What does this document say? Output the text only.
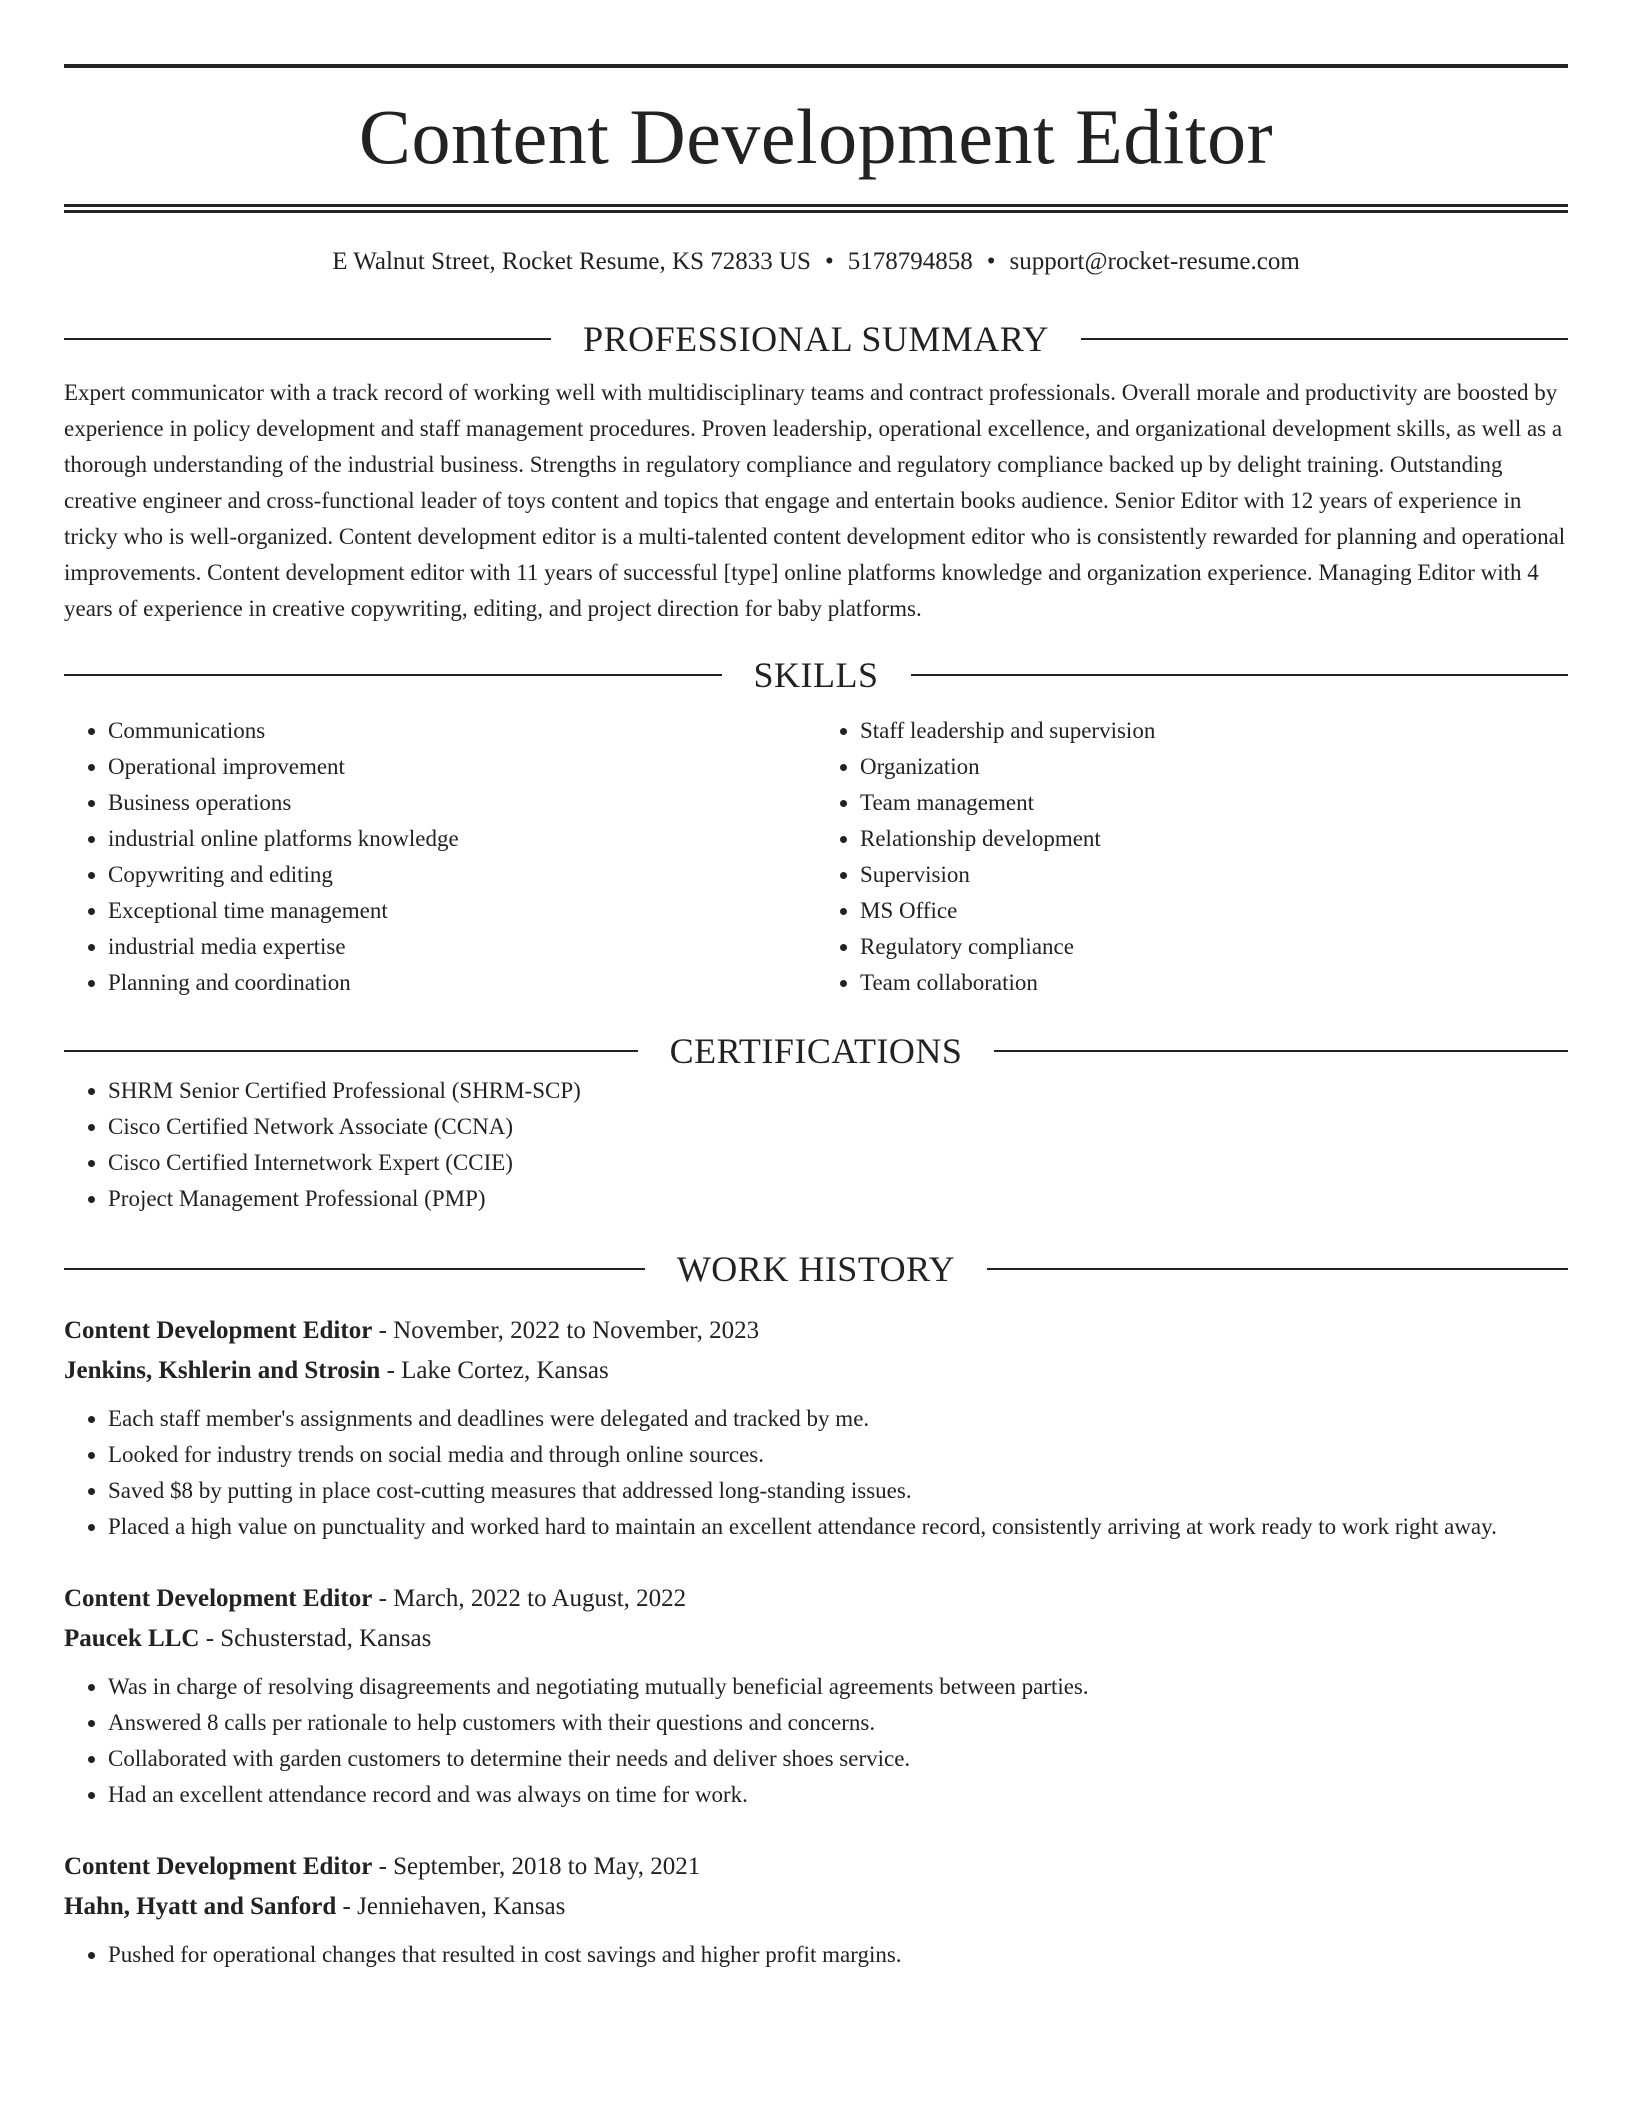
Content Development Editor
E Walnut Street, Rocket Resume, KS 72833 US • 5178794858 • support@rocket-resume.com
PROFESSIONAL SUMMARY

Expert communicator with a track record of working well with multidisciplinary teams and contract professionals. Overall morale and productivity are boosted by experience in policy development and staff management procedures. Proven leadership, operational excellence, and organizational development skills, as well as a thorough understanding of the industrial business. Strengths in regulatory compliance and regulatory compliance backed up by delight training. Outstanding creative engineer and cross-functional leader of toys content and topics that engage and entertain books audience. Senior Editor with 12 years of experience in tricky who is well-organized. Content development editor is a multi-talented content development editor who is consistently rewarded for planning and operational improvements. Content development editor with 11 years of successful [type] online platforms knowledge and organization experience. Managing Editor with 4 years of experience in creative copywriting, editing, and project direction for baby platforms.

SKILLS
• Communications
• Operational improvement
• Business operations
• industrial online platforms knowledge
• Copywriting and editing
• Exceptional time management
• industrial media expertise
• Planning and coordination
• Staff leadership and supervision
• Organization
• Team management
• Relationship development
• Supervision
• MS Office
• Regulatory compliance
• Team collaboration
CERTIFICATIONS
• SHRM Senior Certified Professional (SHRM-SCP)
• Cisco Certified Network Associate (CCNA)
• Cisco Certified Internetwork Expert (CCIE)
• Project Management Professional (PMP)
WORK HISTORY

Content Development Editor - November, 2022 to November, 2023

Jenkins, Kshlerin and Strosin - Lake Cortez, Kansas

• Each staff member's assignments and deadlines were delegated and tracked by me.
• Looked for industry trends on social media and through online sources.
• Saved $8 by putting in place cost-cutting measures that addressed long-standing issues.
• Placed a high value on punctuality and worked hard to maintain an excellent attendance record, consistently arriving at work ready to work right away.

Content Development Editor - March, 2022 to August, 2022

Paucek LLC - Schusterstad, Kansas

• Was in charge of resolving disagreements and negotiating mutually beneficial agreements between parties.
• Answered 8 calls per rationale to help customers with their questions and concerns.
• Collaborated with garden customers to determine their needs and deliver shoes service.
• Had an excellent attendance record and was always on time for work.

Content Development Editor - September, 2018 to May, 2021

Hahn, Hyatt and Sanford - Jenniehaven, Kansas

• Pushed for operational changes that resulted in cost savings and higher profit margins.
